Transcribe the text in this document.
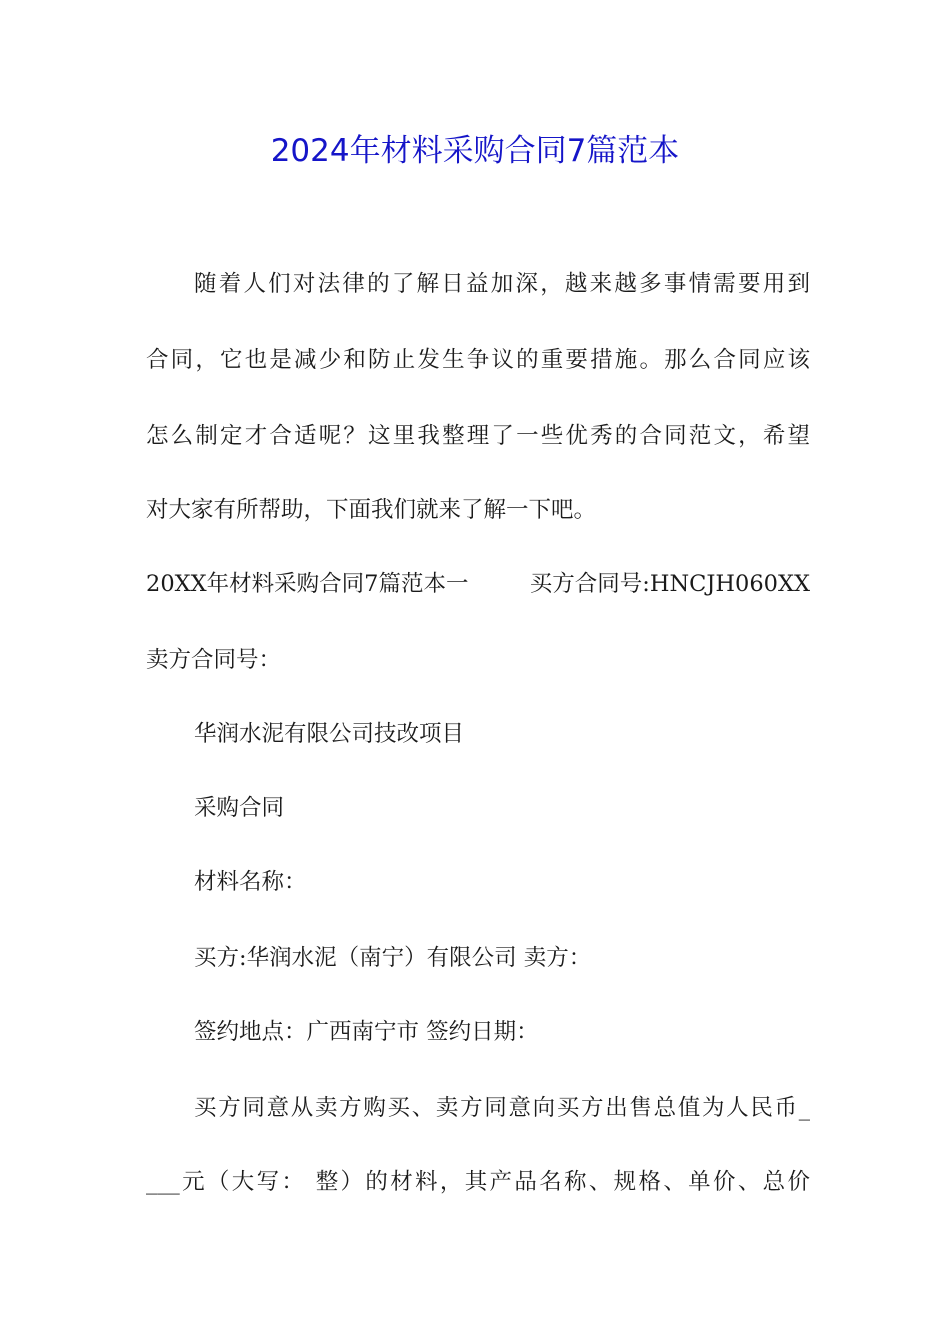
2024年材料采购合同7篇范本

随着人们对法律的了解日益加深，越来越多事情需要用到

合同，它也是减少和防止发生争议的重要措施。那么合同应该

怎么制定才合适呢？这里我整理了一些优秀的合同范文，希望

对大家有所帮助，下面我们就来了解一下吧。

20XX年材料采购合同7篇范本一	买方合同号:HNCJH060XX

卖方合同号：

华润水泥有限公司技改项目

采购合同

材料名称：

买方:华润水泥（南宁）有限公司 卖方：

签约地点：广西南宁市 签约日期：

买方同意从卖方购买、卖方同意向买方出售总值为人民币_

___元（大写： 整）的材料，其产品名称、规格、单价、总价
